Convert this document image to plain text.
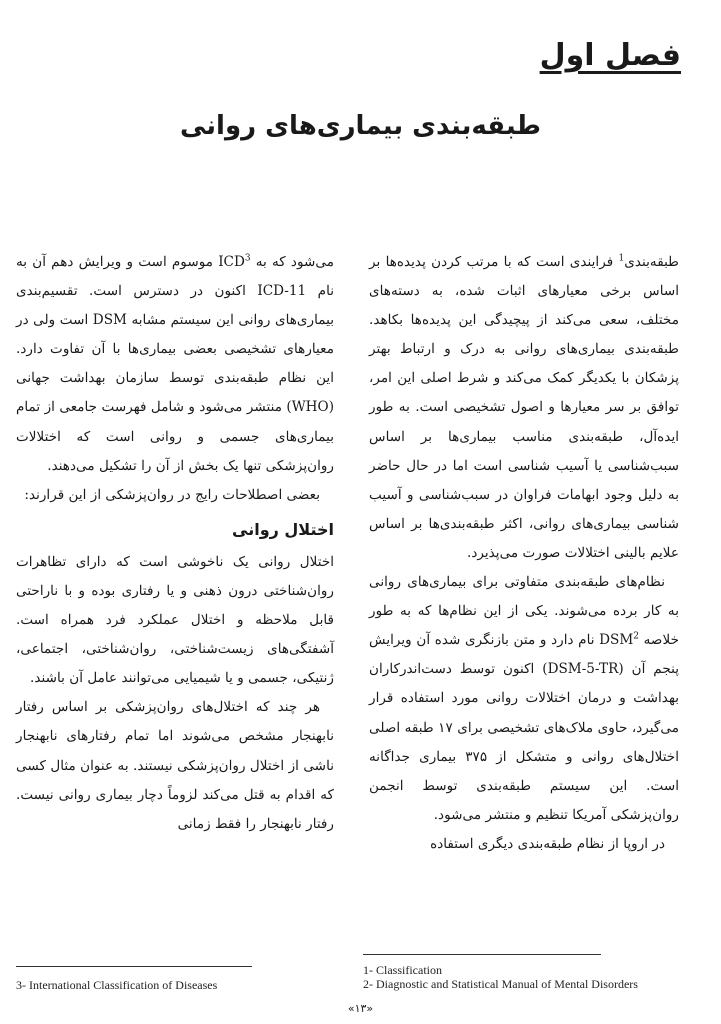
فصل اول
طبقه‌بندی بیماری‌های روانی

طبقه‌بندی$^1$ فرایندی است که با مرتب کردن پدیده‌ها بر اساس برخی معیارهای اثبات شده، به دسته‌های مختلف، سعی می‌کند از پیچیدگی این پدیده‌ها بکاهد. طبقه‌بندی بیماری‌های روانی به درک و ارتباط بهتر پزشکان با یکدیگر کمک می‌کند و شرط اصلی این امر، توافق بر سر معیارها و اصول تشخیصی است. به طور ایده‌آل، طبقه‌بندی مناسب بیماری‌ها بر اساس سبب‌شناسی یا آسیب شناسی است اما در حال حاضر به دلیل وجود ابهامات فراوان در سبب‌شناسی و آسیب شناسی بیماری‌های روانی، اکثر طبقه‌بندی‌ها بر اساس علایم بالینی اختلالات صورت می‌پذیرد.

نظام‌های طبقه‌بندی متفاوتی برای بیماری‌های روانی به کار برده می‌شوند. یکی از این نظام‌ها که به طور خلاصه DSM$^2$ نام دارد و متن بازنگری شده آن ویرایش پنجم آن (DSM-5-TR) اکنون توسط دست‌اندرکاران بهداشت و درمان اختلالات روانی مورد استفاده قرار می‌گیرد، حاوی ملاک‌های تشخیصی برای ۱۷ طبقه اصلی اختلال‌های روانی و متشکل از ۳۷۵ بیماری جداگانه است. این سیستم طبقه‌بندی توسط انجمن روان‌پزشکی آمریکا تنظیم و منتشر می‌شود.

در اروپا از نظام طبقه‌بندی دیگری استفاده

می‌شود که به ICD$^3$ موسوم است و ویرایش دهم آن به نام ICD-11 اکنون در دسترس است. تقسیم‌بندی بیماری‌های روانی این سیستم مشابه DSM است ولی در معیارهای تشخیصی بعضی بیماری‌ها با آن تفاوت دارد. این نظام طبقه‌بندی توسط سازمان بهداشت جهانی (WHO) منتشر می‌شود و شامل فهرست جامعی از تمام بیماری‌های جسمی و روانی است که اختلالات روان‌پزشکی تنها یک بخش از آن را تشکیل می‌دهند.

بعضی اصطلاحات رایج در روان‌پزشکی از این قرارند:

اختلال روانی

اختلال روانی یک ناخوشی است که دارای تظاهرات روان‌شناختی درون ذهنی و یا رفتاری بوده و با ناراحتی قابل ملاحظه و اختلال عملکرد فرد همراه است. آشفتگی‌های زیست‌شناختی، روان‌شناختی، اجتماعی، ژنتیکی، جسمی و یا شیمیایی می‌توانند عامل آن باشند.

هر چند که اختلال‌های روان‌پزشکی بر اساس رفتار نابهنجار مشخص می‌شوند اما تمام رفتارهای نابهنجار ناشی از اختلال روان‌پزشکی نیستند. به عنوان مثال کسی که اقدام به قتل می‌کند لزوماً دچار بیماری روانی نیست. رفتار نابهنجار را فقط زمانی

1- Classification
2- Diagnostic and Statistical Manual of Mental Disorders
3- International Classification of Diseases
«۱۳»
